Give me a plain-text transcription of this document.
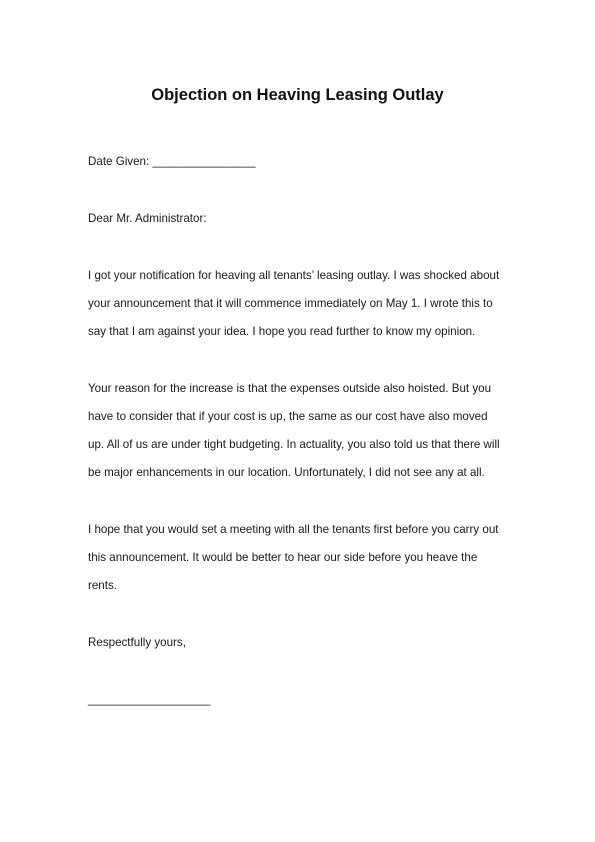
Objection on Heaving Leasing Outlay
Date Given: ________________
Dear Mr. Administrator:
I got your notification for heaving all tenants’ leasing outlay. I was shocked about
your announcement that it will commence immediately on May 1. I wrote this to
say that I am against your idea. I hope you read further to know my opinion.
Your reason for the increase is that the expenses outside also hoisted. But you
have to consider that if your cost is up, the same as our cost have also moved
up. All of us are under tight budgeting. In actuality, you also told us that there will
be major enhancements in our location. Unfortunately, I did not see any at all.
I hope that you would set a meeting with all the tenants first before you carry out
this announcement. It would be better to hear our side before you heave the
rents.
Respectfully yours,
___________________
